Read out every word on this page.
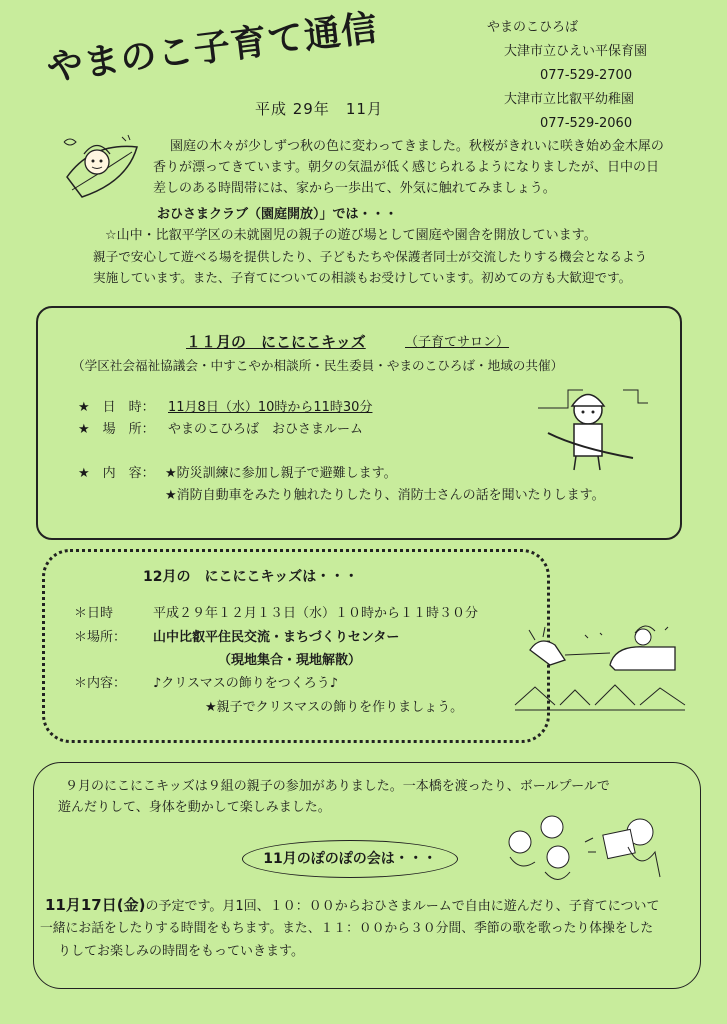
やまのこ子育て通信
平成 29年　11月
やまのこひろば
大津市立ひえい平保育園
077-529-2700
大津市立比叡平幼稚園
077-529-2060
園庭の木々が少しずつ秋の色に変わってきました。秋桜がきれいに咲き始め金木犀の
香りが漂ってきています。朝夕の気温が低く感じられるようになりましたが、日中の日
差しのある時間帯には、家から一歩出て、外気に触れてみましょう。
おひさまクラブ（園庭開放）」では・・・
☆山中・比叡平学区の未就園児の親子の遊び場として園庭や園舎を開放しています。
親子で安心して遊べる場を提供したり、子どもたちや保護者同士が交流したりする機会となるよう
実施しています。また、子育てについての相談もお受けしています。初めての方も大歓迎です。
１１月の　にこにこキッズ	（子育てサロン）
（学区社会福祉協議会・中すこやか相談所・民生委員・やまのこひろば・地域の共催）
★　日　時： 11月8日（水）10時から11時30分
★　場　所： やまのこひろば　おひさまルーム
★　内　容： ★防災訓練に参加し親子で避難します。
★消防自動車をみたり触れたりしたり、消防士さんの話を聞いたりします。
12月の　にこにこキッズは・・・
＊日時	平成２９年１２月１３日（水）１０時から１１時３０分
＊場所： 山中比叡平住民交流・まちづくりセンター
（現地集合・現地解散）
＊内容： ♪クリスマスの飾りをつくろう♪
★親子でクリスマスの飾りを作りましょう。
９月のにこにこキッズは９組の親子の参加がありました。一本橋を渡ったり、ボールプールで
遊んだりして、身体を動かして楽しみました。
11月のぽのぽの会は・・・
11月17日(金)の予定です。月1回、１０：００からおひさまルームで自由に遊んだり、子育てについて
一緒にお話をしたりする時間をもちます。また、１１：００から３０分間、季節の歌を歌ったり体操をした
りしてお楽しみの時間をもっていきます。
